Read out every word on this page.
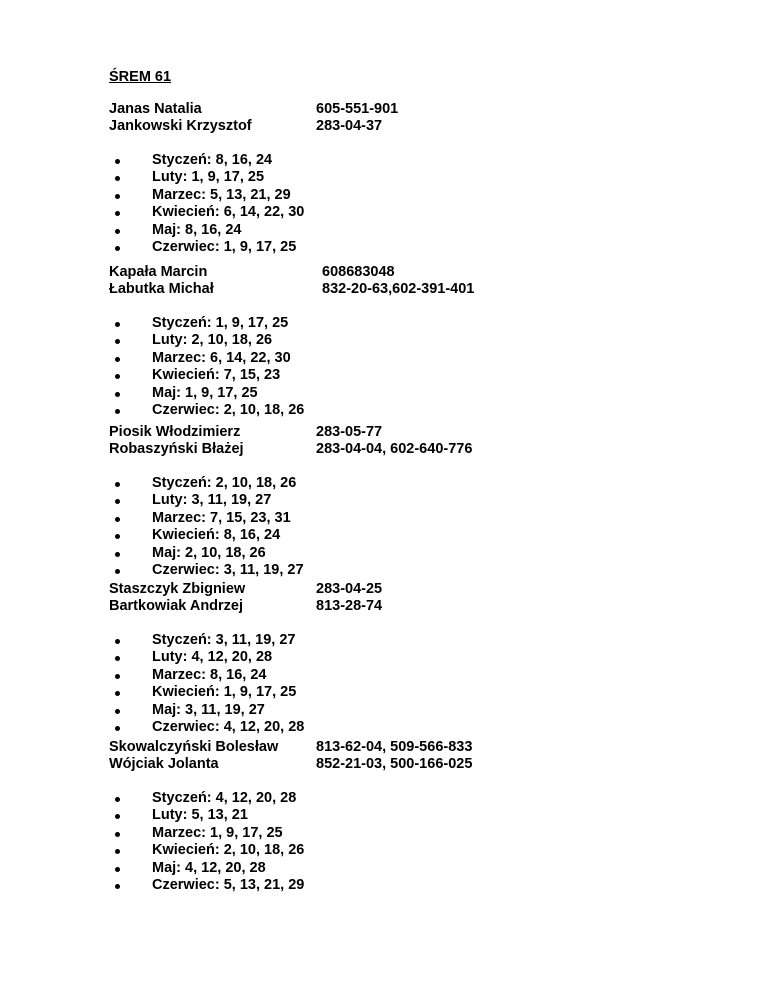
ŚREM 61
Janas Natalia	605-551-901
Jankowski Krzysztof	283-04-37
Styczeń: 8, 16, 24
Luty: 1, 9, 17, 25
Marzec: 5, 13, 21, 29
Kwiecień: 6, 14, 22, 30
Maj: 8, 16, 24
Czerwiec: 1, 9, 17, 25
Kapała Marcin	608683048
Łabutka Michał	832-20-63,602-391-401
Styczeń: 1, 9, 17, 25
Luty: 2, 10, 18, 26
Marzec: 6, 14, 22, 30
Kwiecień: 7, 15, 23
Maj: 1, 9, 17, 25
Czerwiec: 2, 10, 18, 26
Piosik Włodzimierz	283-05-77
Robaszyński Błażej	283-04-04, 602-640-776
Styczeń: 2, 10, 18, 26
Luty: 3, 11, 19, 27
Marzec: 7, 15, 23, 31
Kwiecień: 8, 16, 24
Maj: 2, 10, 18, 26
Czerwiec: 3, 11, 19, 27
Staszczyk Zbigniew	283-04-25
Bartkowiak Andrzej	813-28-74
Styczeń: 3, 11, 19, 27
Luty: 4, 12, 20, 28
Marzec: 8, 16, 24
Kwiecień: 1, 9, 17, 25
Maj: 3, 11, 19, 27
Czerwiec: 4, 12, 20, 28
Skowalczyński Bolesław	813-62-04, 509-566-833
Wójciak Jolanta	852-21-03, 500-166-025
Styczeń: 4, 12, 20, 28
Luty: 5, 13, 21
Marzec: 1, 9, 17, 25
Kwiecień: 2, 10, 18, 26
Maj: 4, 12, 20, 28
Czerwiec: 5, 13, 21, 29
